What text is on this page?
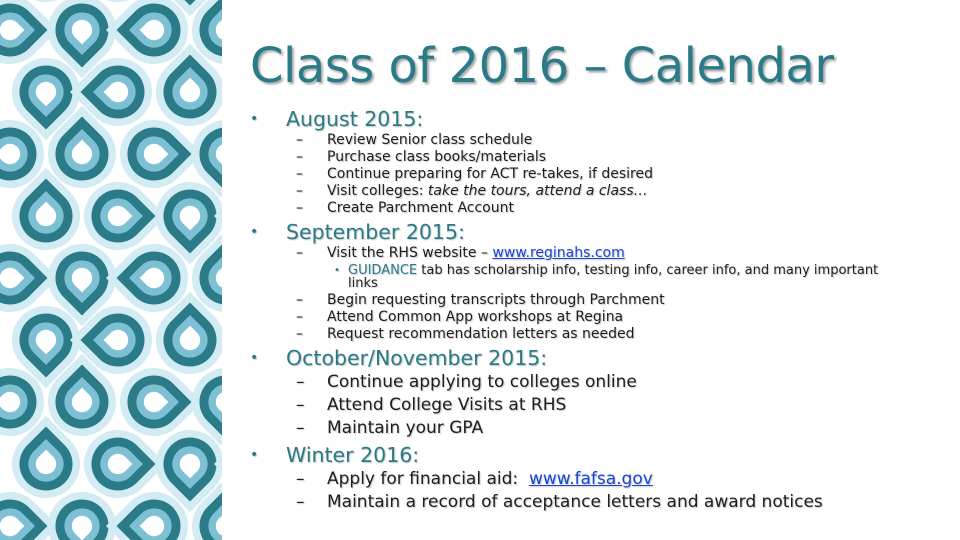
Class of 2016 – Calendar
•	August 2015:
–	Review Senior class schedule
–	Purchase class books/materials
–	Continue preparing for ACT re-takes, if desired
–	Visit colleges: take the tours, attend a class…
–	Create Parchment Account
•	September 2015:
–	Visit the RHS website – www.reginahs.com
• GUIDANCE tab has scholarship info, testing info, career info, and many important links
–	Begin requesting transcripts through Parchment
–	Attend Common App workshops at Regina
–	Request recommendation letters as needed
•	October/November 2015:
–	Continue applying to colleges online
–	Attend College Visits at RHS
–	Maintain your GPA
•	Winter 2016:
–	Apply for financial aid:  www.fafsa.gov
–	Maintain a record of acceptance letters and award notices
